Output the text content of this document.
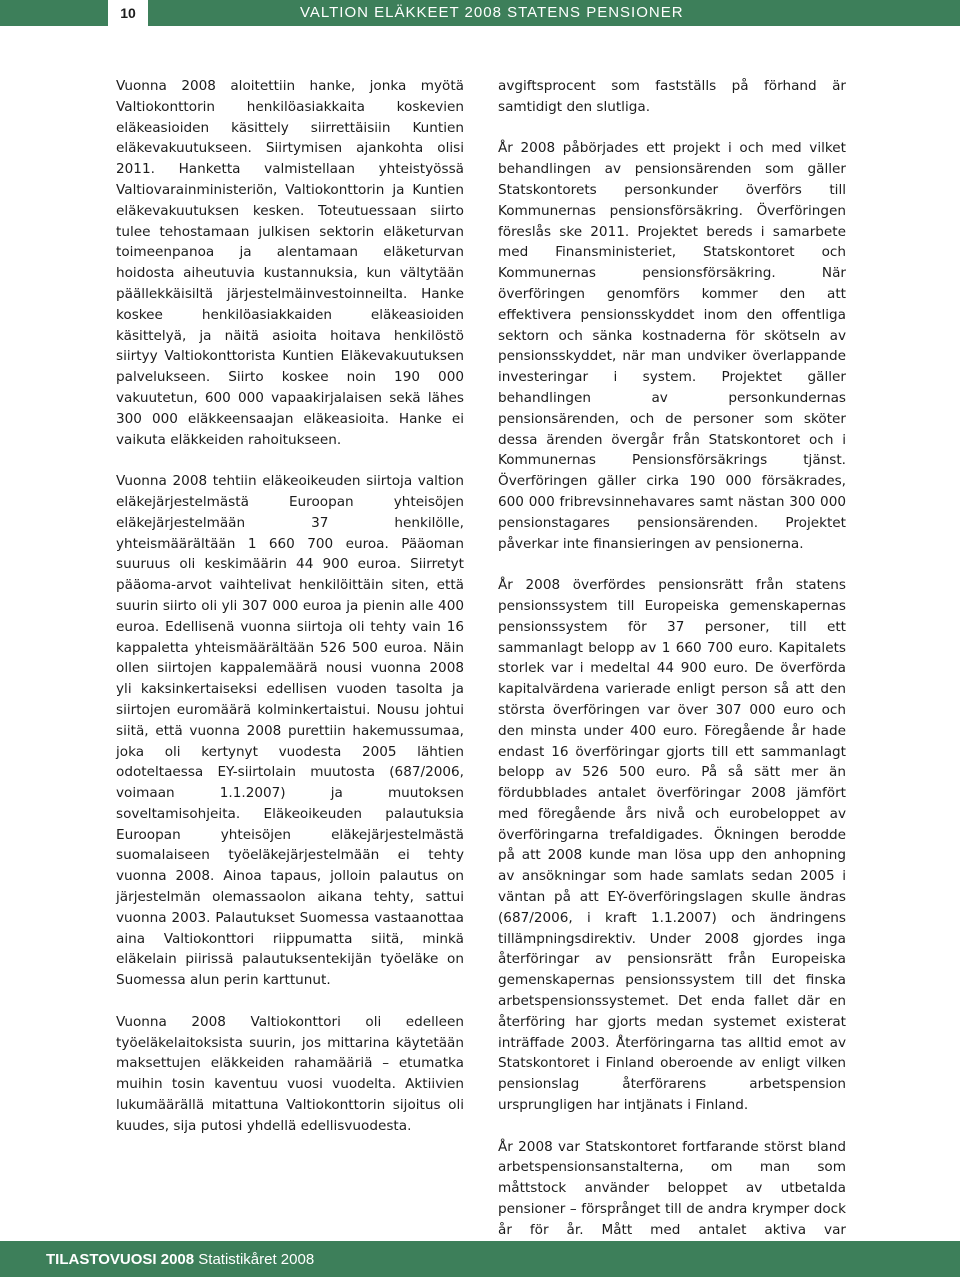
10	VALTION ELÄKKEET 2008 STATENS PENSIONER

Vuonna 2008 aloitettiin hanke, jonka myötä Valtiokonttorin henkilöasiakkaita koskevien eläkeasioiden käsittely siirrettäisiin Kuntien eläkevakuutukseen. Siirtymisen ajankohta olisi 2011. Hanketta valmistellaan yhteistyössä Valtiovarainministeriön, Valtiokonttorin ja Kuntien eläkevakuutuksen kesken. Toteutuessaan siirto tulee tehostamaan julkisen sektorin eläketurvan toimeenpanoa ja alentamaan eläketurvan hoidosta aiheutuvia kustannuksia, kun vältytään päällekkäisiltä järjestelmäinvestoinneilta. Hanke koskee henkilöasiakkaiden eläkeasioiden käsittelyä, ja näitä asioita hoitava henkilöstö siirtyy Valtiokonttorista Kuntien Eläkevakuutuksen palvelukseen. Siirto koskee noin 190 000 vakuutetun, 600 000 vapaakirjalaisen sekä lähes 300 000 eläkkeensaajan eläkeasioita. Hanke ei vaikuta eläkkeiden rahoitukseen.

Vuonna 2008 tehtiin eläkeoikeuden siirtoja valtion eläkejärjestelmästä Euroopan yhteisöjen eläkejärjestelmään 37 henkilölle, yhteismäärältään 1 660 700 euroa. Pääoman suuruus oli keskimäärin 44 900 euroa. Siirretyt pääoma-arvot vaihtelivat henkilöittäin siten, että suurin siirto oli yli 307 000 euroa ja pienin alle 400 euroa. Edellisenä vuonna siirtoja oli tehty vain 16 kappaletta yhteismäärältään 526 500 euroa. Näin ollen siirtojen kappalemäärä nousi vuonna 2008 yli kaksinkertaiseksi edellisen vuoden tasolta ja siirtojen euromäärä kolminkertaistui. Nousu johtui siitä, että vuonna 2008 purettiin hakemussumaa, joka oli kertynyt vuodesta 2005 lähtien odoteltaessa EY-siirtolain muutosta (687/2006, voimaan 1.1.2007) ja muutoksen soveltamisohjeita. Eläkeoikeuden palautuksia Euroopan yhteisöjen eläkejärjestelmästä suomalaiseen työeläkejärjestelmään ei tehty vuonna 2008. Ainoa tapaus, jolloin palautus on järjestelmän olemassaolon aikana tehty, sattui vuonna 2003. Palautukset Suomessa vastaanottaa aina Valtiokonttori riippumatta siitä, minkä eläkelain piirissä palautuksentekijän työeläke on Suomessa alun perin karttunut.

Vuonna 2008 Valtiokonttori oli edelleen työeläkelaitoksista suurin, jos mittarina käytetään maksettujen eläkkeiden rahamääriä – etumatka muihin tosin kaventuu vuosi vuodelta. Aktiivien lukumäärällä mitattuna Valtiokonttorin sijoitus oli kuudes, sija putosi yhdellä edellisvuodesta.

avgiftsprocent som fastställs på förhand är samtidigt den slutliga.

År 2008 påbörjades ett projekt i och med vilket behandlingen av pensionsärenden som gäller Statskontorets personkunder överförs till Kommunernas pensionsförsäkring. Överföringen föreslås ske 2011. Projektet bereds i samarbete med Finansministeriet, Statskontoret och Kommunernas pensionsförsäkring. När överföringen genomförs kommer den att effektivera pensionsskyddet inom den offentliga sektorn och sänka kostnaderna för skötseln av pensionsskyddet, när man undviker överlappande investeringar i system. Projektet gäller behandlingen av personkundernas pensionsärenden, och de personer som sköter dessa ärenden övergår från Statskontoret och i Kommunernas Pensionsförsäkrings tjänst. Överföringen gäller cirka 190 000 försäkrades, 600 000 fribrevsinnehavares samt nästan 300 000 pensionstagares pensionsärenden. Projektet påverkar inte finansieringen av pensionerna.

År 2008 överfördes pensionsrätt från statens pensionssystem till Europeiska gemenskapernas pensionssystem för 37 personer, till ett sammanlagt belopp av 1 660 700 euro. Kapitalets storlek var i medeltal 44 900 euro. De överförda kapitalvärdena varierade enligt person så att den största överföringen var över 307 000 euro och den minsta under 400 euro. Föregående år hade endast 16 överföringar gjorts till ett sammanlagt belopp av 526 500 euro. På så sätt mer än fördubblades antalet överföringar 2008 jämfört med föregående års nivå och eurobeloppet av överföringarna trefaldigades. Ökningen berodde på att 2008 kunde man lösa upp den anhopning av ansökningar som hade samlats sedan 2005 i väntan på att EY-överföringslagen skulle ändras (687/2006, i kraft 1.1.2007) och ändringens tillämpningsdirektiv. Under 2008 gjordes inga återföringar av pensionsrätt från Europeiska gemenskapernas pensionssystem till det finska arbetspensionssystemet. Det enda fallet där en återföring har gjorts medan systemet existerat inträffade 2003. Återföringarna tas alltid emot av Statskontoret i Finland oberoende av enligt vilken pensionslag återförarens arbetspension ursprungligen har intjänats i Finland.

År 2008 var Statskontoret fortfarande störst bland arbetspensionsanstalterna, om man som måttstock använder beloppet av utbetalda pensioner – försprånget till de andra krymper dock år för år. Mått med antalet aktiva var

TILASTOVUOSI 2008 Statistikåret 2008
